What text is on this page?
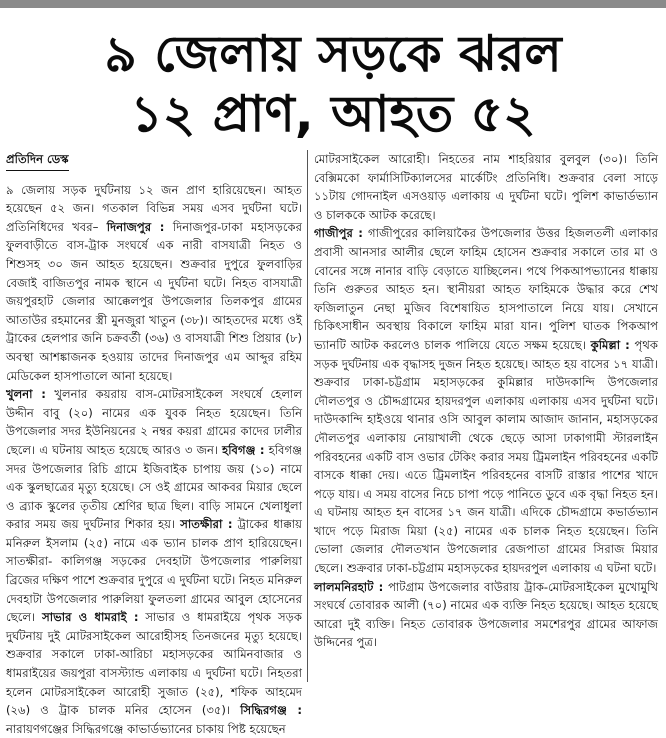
৯ জেলায় সড়কে ঝরল
১২ প্রাণ, আহত ৫২
প্রতিদিন ডেস্ক

৯ জেলায় সড়ক দুর্ঘটনায় ১২ জন প্রাণ হারিয়েছেন। আহত হয়েছেন ৫২ জন। গতকাল বিভিন্ন সময় এসব দুর্ঘটনা ঘটে। প্রতিনিধিদের খবর– দিনাজপুর : দিনাজপুর-ঢাকা মহাসড়কের ফুলবাড়ীতে বাস-ট্রাক সংঘর্ষে এক নারী বাসযাত্রী নিহত ও শিশুসহ ৩০ জন আহত হয়েছেন। শুক্রবার দুপুরে ফুলবাড়ির বেজাই বাজিতপুর নামক স্থানে এ দুর্ঘটনা ঘটে। নিহত বাসযাত্রী জয়পুরহাট জেলার আক্কেলপুর উপজেলার তিলকপুর গ্রামের আতাউর রহমানের স্ত্রী মুনজুরা খাতুন (৩৮)। আহতদের মধ্যে ওই ট্রাকের হেলপার জনি চক্রবর্তী (৩৬) ও বাসযাত্রী শিশু প্রিয়ার (৮) অবস্থা আশঙ্কাজনক হওয়ায় তাদের দিনাজপুর এম আব্দুর রহিম মেডিকেল হাসপাতালে আনা হয়েছে।
খুলনা : খুলনার কয়রায় বাস-মোটরসাইকেল সংঘর্ষে হেলাল উদ্দীন বাবু (২০) নামের এক যুবক নিহত হয়েছেন। তিনি উপজেলার সদর ইউনিয়নের ২ নম্বর কয়রা গ্রামের কাদের ঢালীর ছেলে। এ ঘটনায় আহত হয়েছে আরও ৩ জন। হবিগঞ্জ : হবিগঞ্জ সদর উপজেলার রিচি গ্রামে ইজিবাইক চাপায় জয় (১০) নামে এক স্কুলছাত্রের মৃত্যু হয়েছে। সে ওই গ্রামের আকবর মিয়ার ছেলে ও ব্র্যাক স্কুলের তৃতীয় শ্রেণির ছাত্র ছিল। বাড়ি সামনে খেলাধুলা করার সময় জয় দুর্ঘটনার শিকার হয়। সাতক্ষীরা : ট্রাকের ধাক্কায় মনিরুল ইসলাম (২৫) নামে এক ভ্যান চালক প্রাণ হারিয়েছেন। সাতক্ষীরা- কালিগঞ্জ সড়কের দেবহাটা উপজেলার পারুলিয়া ব্রিজের দক্ষিণ পাশে শুক্রবার দুপুরে এ দুর্ঘটনা ঘটে। নিহত মনিরুল দেবহাটা উপজেলার পারুলিয়া ফুলতলা গ্রামের আবুল হোসেনের ছেলে। সাভার ও ধামরাই : সাভার ও ধামরাইয়ে পৃথক সড়ক দুর্ঘটনায় দুই মোটরসাইকেল আরোহীসহ তিনজনের মৃত্যু হয়েছে। শুক্রবার সকালে ঢাকা-আরিচা মহাসড়কের আমিনবাজার ও ধামরাইয়ের জয়পুরা বাসস্ট্যান্ড এলাকায় এ দুর্ঘটনা ঘটে। নিহতরা হলেন মোটরসাইকেল আরোহী সুজাত (২৫), শফিক আহমেদ (২৬) ও ট্রাক চালক মনির হোসেন (৩৫)। সিদ্ধিরগঞ্জ : নারায়ণগঞ্জের সিদ্ধিরগঞ্জে কাভার্ডভ্যানের চাকায় পিষ্ট হয়েছেন

মোটরসাইকেল আরোহী। নিহতের নাম শাহরিয়ার বুলবুল (৩০)। তিনি বেক্সিমকো ফার্মাসিটিক্যালসের মার্কেটিং প্রতিনিধি। শুক্রবার বেলা সাড়ে ১১টায় গোদনাইল এসওয়াড় এলাকায় এ দুর্ঘটনা ঘটে। পুলিশ কাভার্ডভ্যান ও চালককে আটক করেছে।
গাজীপুর : গাজীপুরের কালিয়াকৈর উপজেলার উত্তর হিজলতলী এলাকার প্রবাসী আনসার আলীর ছেলে ফাহিম হোসেন শুক্রবার সকালে তার মা ও বোনের সঙ্গে নানার বাড়ি বেড়াতে যাচ্ছিলেন। পথে পিকআপভ্যানের ধাক্কায় তিনি গুরুতর আহত হন। স্থানীয়রা আহত ফাহিমকে উদ্ধার করে শেখ ফজিলাতুন নেছা মুজিব বিশেষায়িত হাসপাতালে নিয়ে যায়। সেখানে চিকিৎসাধীন অবস্থায় বিকালে ফাহিম মারা যান। পুলিশ ঘাতক পিকআপ ভ্যানটি আটক করলেও চালক পালিয়ে যেতে সক্ষম হয়েছে। কুমিল্লা : পৃথক সড়ক দুর্ঘটনায় এক বৃদ্ধাসহ দুজন নিহত হয়েছে। আহত হয় বাসের ১৭ যাত্রী। শুক্রবার ঢাকা-চট্টগ্রাম মহাসড়কের কুমিল্লার দাউদকান্দি উপজেলার দৌলতপুর ও চৌদ্দগ্রামের হায়দরপুল এলাকায় এলাকায় এসব দুর্ঘটনা ঘটে। দাউদকান্দি হাইওয়ে থানার ওসি আবুল কালাম আজাদ জানান, মহাসড়কের দৌলতপুর এলাকায় নোয়াখালী থেকে ছেড়ে আসা ঢাকাগামী স্টারলাইন পরিবহনের একটি বাস ওভার টেকিং করার সময় ট্রিমলাইন পরিবহনের একটি বাসকে ধাক্কা দেয়। এতে ট্রিমলাইন পরিবহনের বাসটি রাস্তার পাশের খাদে পড়ে যায়। এ সময় বাসের নিচে চাপা পড়ে পানিতে ডুবে এক বৃদ্ধা নিহত হন। এ ঘটনায় আহত হন বাসের ১৭ জন যাত্রী। এদিকে চৌদ্দগ্রামে কভার্ডভ্যান খাদে পড়ে মিরাজ মিয়া (২৫) নামের এক চালক নিহত হয়েছেন। তিনি ভোলা জেলার দৌলতখান উপজেলার রেজপাতা গ্রামের সিরাজ মিয়ার ছেলে। শুক্রবার ঢাকা-চট্টগ্রাম মহাসড়কের হায়দরপুল এলাকায় এ ঘটনা ঘটে।
লালমনিরহাট : পাটগ্রাম উপজেলার বাউরায় ট্রাক-মোটরসাইকেল মুখোমুখি সংঘর্ষে তোবারক আলী (৭০) নামের এক ব্যক্তি নিহত হয়েছে। আহত হয়েছে আরো দুই ব্যক্তি। নিহত তোবারক উপজেলার সমশেরপুর গ্রামের আফাজ উদ্দিনের পুত্র।
